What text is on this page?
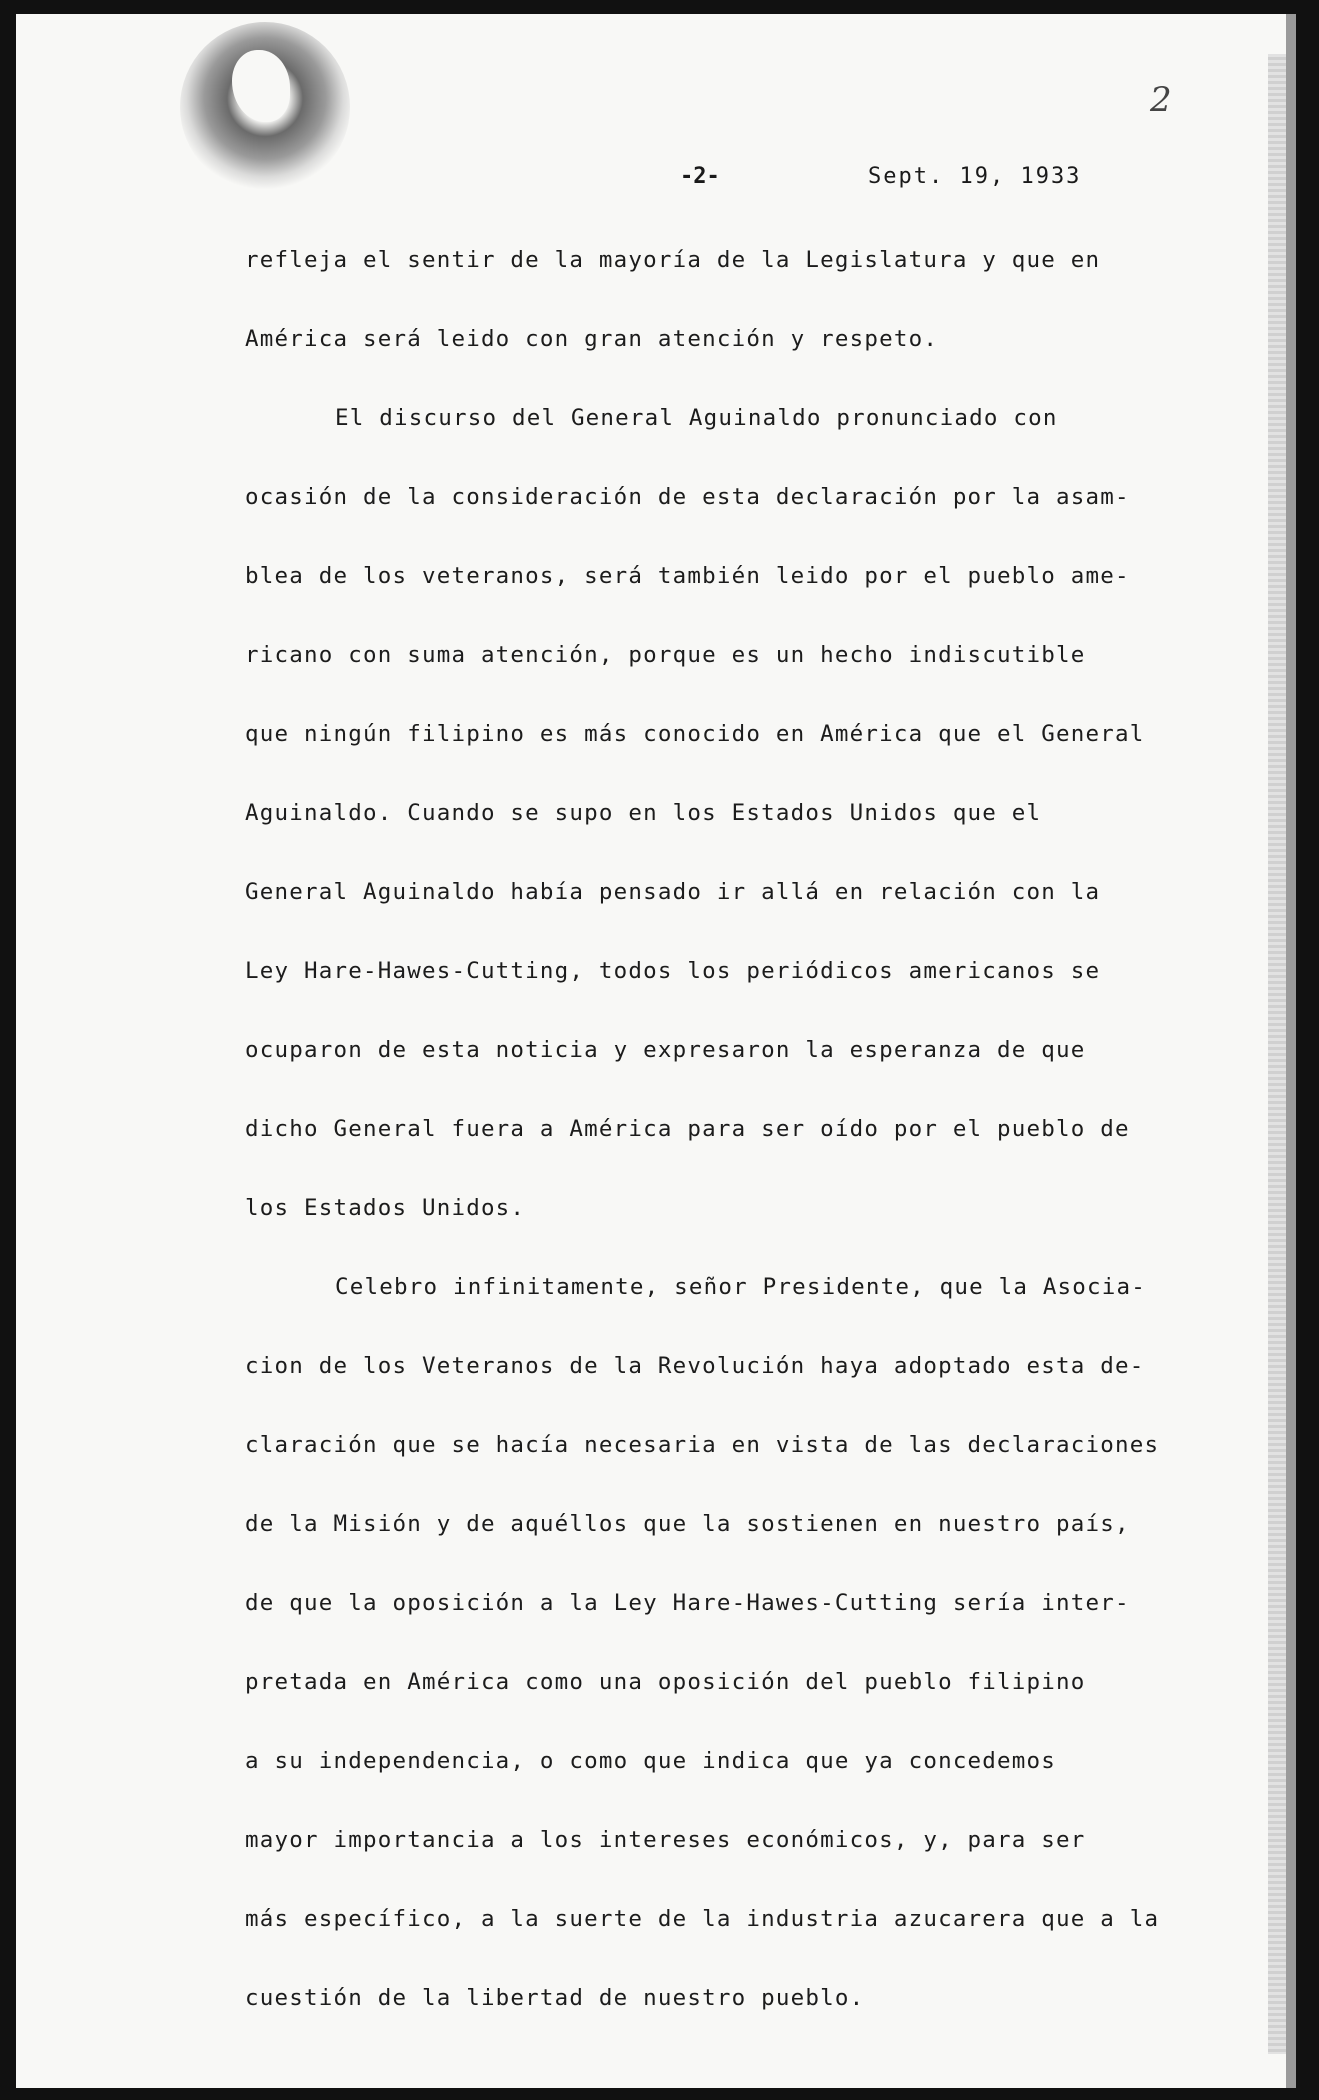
2
-2-	Sept. 19, 1933
refleja el sentir de la mayoría de la Legislatura y que en
América será leido con gran atención y respeto.
El discurso del General Aguinaldo pronunciado con
ocasión de la consideración de esta declaración por la asam-
blea de los veteranos, será también leido por el pueblo ame-
ricano con suma atención, porque es un hecho indiscutible
que ningún filipino es más conocido en América que el General
Aguinaldo. Cuando se supo en los Estados Unidos que el
General Aguinaldo había pensado ir allá en relación con la
Ley Hare-Hawes-Cutting, todos los periódicos americanos se
ocuparon de esta noticia y expresaron la esperanza de que
dicho General fuera a América para ser oído por el pueblo de
los Estados Unidos.
Celebro infinitamente, señor Presidente, que la Asocia-
cion de los Veteranos de la Revolución haya adoptado esta de-
claración que se hacía necesaria en vista de las declaraciones
de la Misión y de aquéllos que la sostienen en nuestro país,
de que la oposición a la Ley Hare-Hawes-Cutting sería inter-
pretada en América como una oposición del pueblo filipino
a su independencia, o como que indica que ya concedemos
mayor importancia a los intereses económicos, y, para ser
más específico, a la suerte de la industria azucarera que a la
cuestión de la libertad de nuestro pueblo.
